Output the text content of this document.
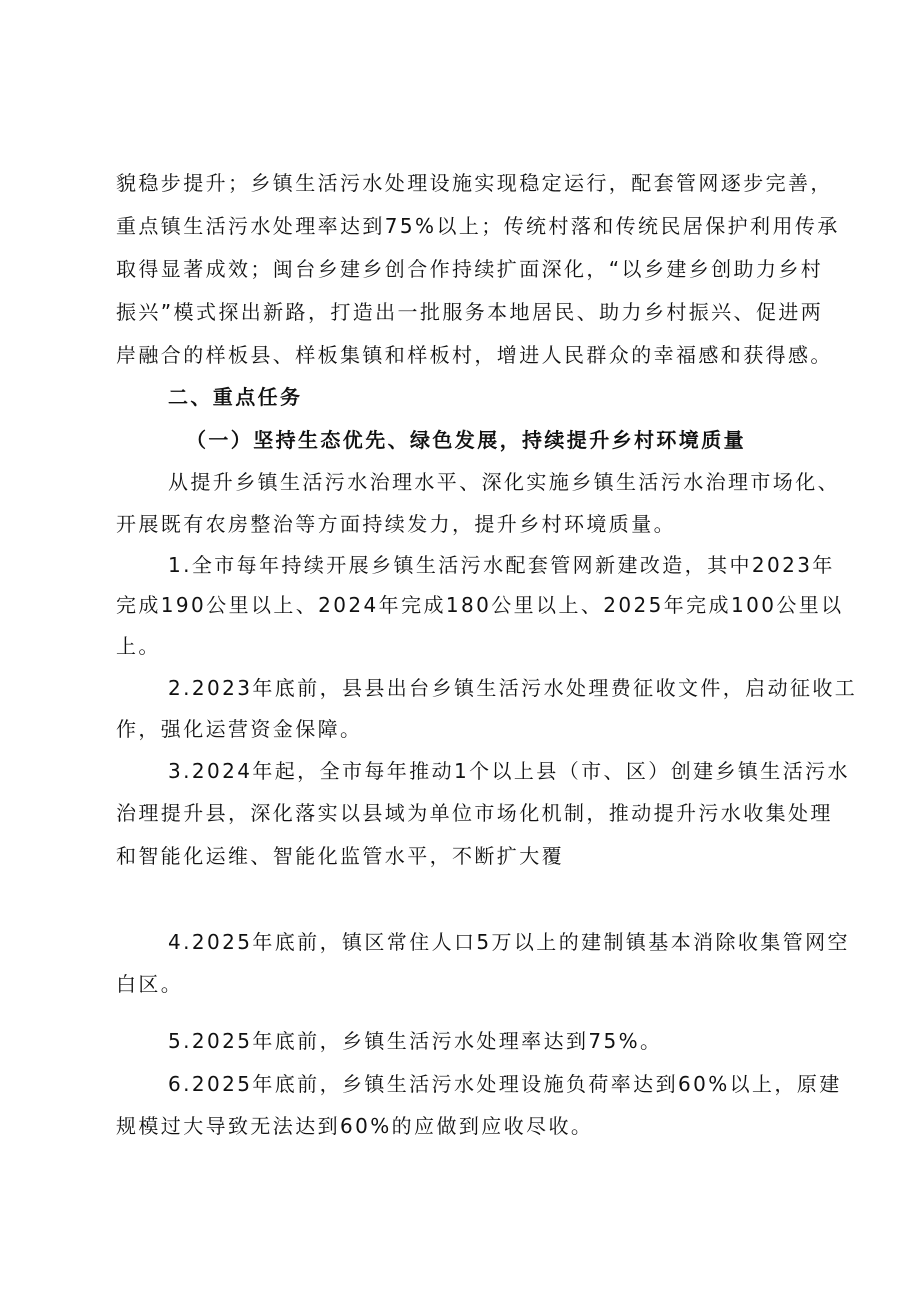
貌稳步提升；乡镇生活污水处理设施实现稳定运行，配套管网逐步完善，

重点镇生活污水处理率达到75%以上；传统村落和传统民居保护利用传承

取得显著成效；闽台乡建乡创合作持续扩面深化，“以乡建乡创助力乡村

振兴”模式探出新路，打造出一批服务本地居民、助力乡村振兴、促进两

岸融合的样板县、样板集镇和样板村，增进人民群众的幸福感和获得感。

二、重点任务

（一）坚持生态优先、绿色发展，持续提升乡村环境质量

从提升乡镇生活污水治理水平、深化实施乡镇生活污水治理市场化、

开展既有农房整治等方面持续发力，提升乡村环境质量。

1.全市每年持续开展乡镇生活污水配套管网新建改造，其中2023年

完成190公里以上、2024年完成180公里以上、2025年完成100公里以

上。

2.2023年底前，县县出台乡镇生活污水处理费征收文件，启动征收工

作，强化运营资金保障。

3.2024年起，全市每年推动1个以上县（市、区）创建乡镇生活污水

治理提升县，深化落实以县域为单位市场化机制，推动提升污水收集处理

和智能化运维、智能化监管水平，不断扩大覆

4.2025年底前，镇区常住人口5万以上的建制镇基本消除收集管网空

白区。

5.2025年底前，乡镇生活污水处理率达到75%。

6.2025年底前，乡镇生活污水处理设施负荷率达到60%以上，原建

规模过大导致无法达到60%的应做到应收尽收。
